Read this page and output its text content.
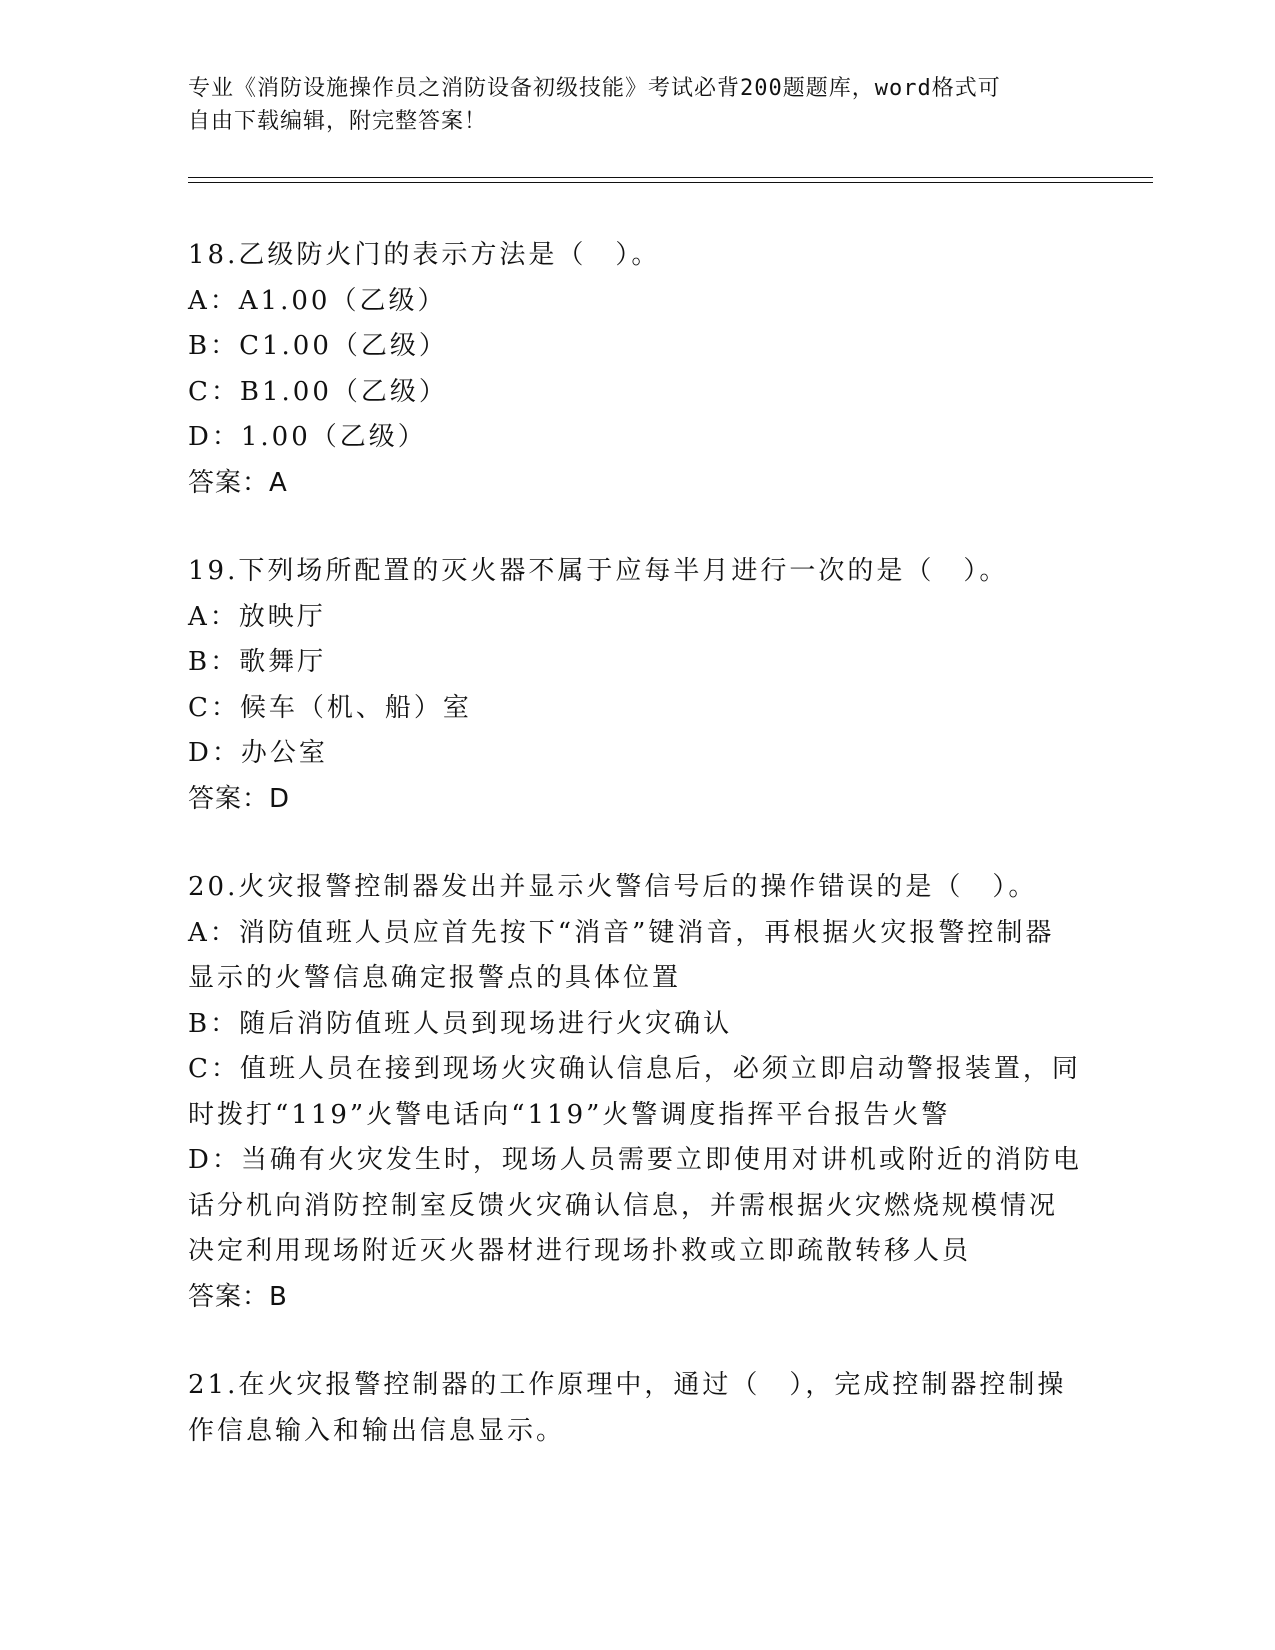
专业《消防设施操作员之消防设备初级技能》考试必背200题题库，word格式可
自由下载编辑，附完整答案！
18.乙级防火门的表示方法是（　）。
A：A1.00（乙级）
B：C1.00（乙级）
C：B1.00（乙级）
D：1.00（乙级）
答案：A
19.下列场所配置的灭火器不属于应每半月进行一次的是（　）。
A：放映厅
B：歌舞厅
C：候车（机、船）室
D：办公室
答案：D
20.火灾报警控制器发出并显示火警信号后的操作错误的是（　）。
A：消防值班人员应首先按下“消音”键消音，再根据火灾报警控制器
显示的火警信息确定报警点的具体位置
B：随后消防值班人员到现场进行火灾确认
C：值班人员在接到现场火灾确认信息后，必须立即启动警报装置，同
时拨打“119”火警电话向“119”火警调度指挥平台报告火警
D：当确有火灾发生时，现场人员需要立即使用对讲机或附近的消防电
话分机向消防控制室反馈火灾确认信息，并需根据火灾燃烧规模情况
决定利用现场附近灭火器材进行现场扑救或立即疏散转移人员
答案：B
21.在火灾报警控制器的工作原理中，通过（　），完成控制器控制操
作信息输入和输出信息显示。
